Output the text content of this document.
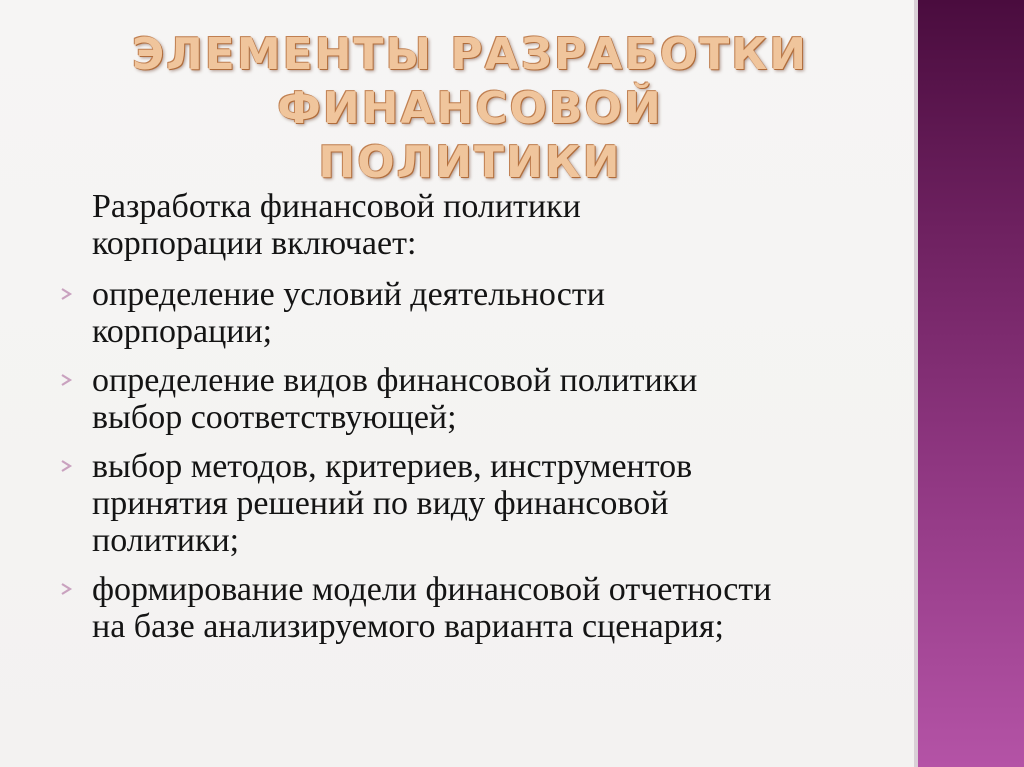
ЭЛЕМЕНТЫ РАЗРАБОТКИ
ФИНАНСОВОЙ ПОЛИТИКИ
Разработка финансовой политики
корпорации включает:
определение условий деятельности
корпорации;
определение видов финансовой политики
выбор соответствующей;
выбор методов, критериев, инструментов
принятия решений по виду финансовой
политики;
формирование модели финансовой отчетности
на базе анализируемого варианта сценария;
